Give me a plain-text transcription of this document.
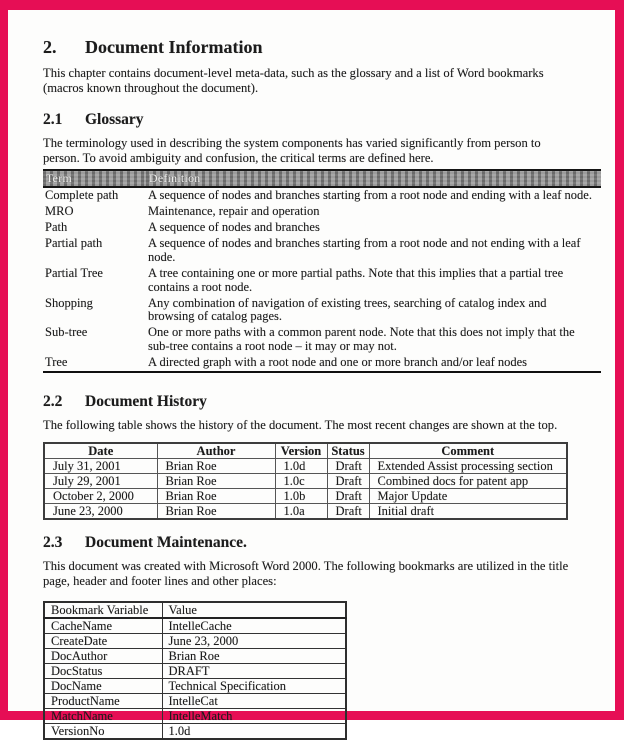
2.	Document Information

This chapter contains document-level meta-data, such as the glossary and a list of Word bookmarks (macros known throughout the document).

2.1	Glossary

The terminology used in describing the system components has varied significantly from person to person. To avoid ambiguity and confusion, the critical terms are defined here.

Term	Definition
Complete path	A sequence of nodes and branches starting from a root node and ending with a leaf node.
MRO	Maintenance, repair and operation
Path	A sequence of nodes and branches
Partial path	A sequence of nodes and branches starting from a root node and not ending with a leaf node.
Partial Tree	A tree containing one or more partial paths. Note that this implies that a partial tree contains a root node.
Shopping	Any combination of navigation of existing trees, searching of catalog index and browsing of catalog pages.
Sub-tree	One or more paths with a common parent node. Note that this does not imply that the sub-tree contains a root node – it may or may not.
Tree	A directed graph with a root node and one or more branch and/or leaf nodes
2.2	Document History

The following table shows the history of the document. The most recent changes are shown at the top.

Date	Author	Version	Status	Comment
July 31, 2001	Brian Roe	1.0d	Draft	Extended Assist processing section
July 29, 2001	Brian Roe	1.0c	Draft	Combined docs for patent app
October 2, 2000	Brian Roe	1.0b	Draft	Major Update
June 23, 2000	Brian Roe	1.0a	Draft	Initial draft
2.3	Document Maintenance.

This document was created with Microsoft Word 2000. The following bookmarks are utilized in the title page, header and footer lines and other places:

Bookmark Variable	Value
CacheName	IntelleCache
CreateDate	June 23, 2000
DocAuthor	Brian Roe
DocStatus	DRAFT
DocName	Technical Specification
ProductName	IntelleCat
MatchName	IntelleMatch
VersionNo	1.0d
